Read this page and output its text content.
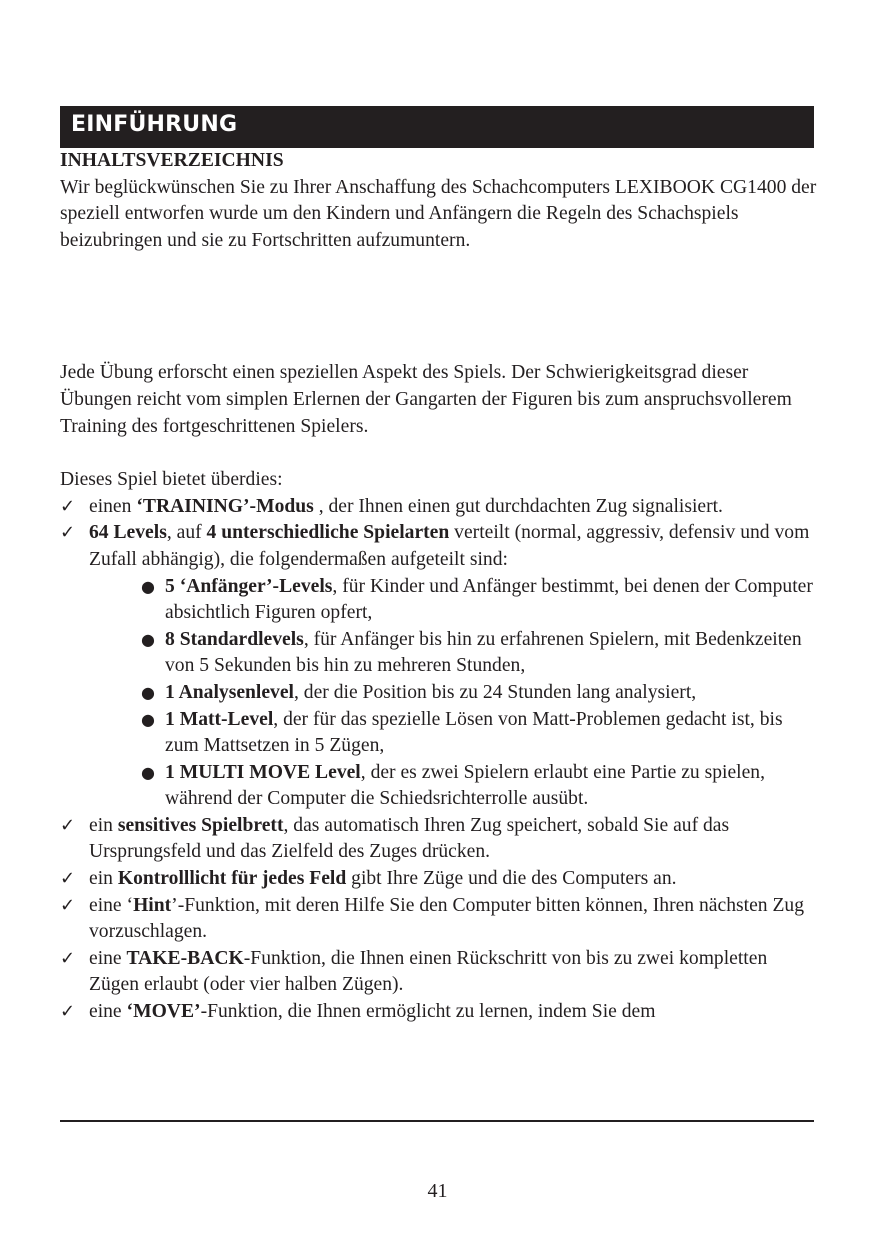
EINFÜHRUNG

INHALTSVERZEICHNIS

Wir beglückwünschen Sie zu Ihrer Anschaffung des Schachcomputers LEXIBOOK CG1400 der speziell entworfen wurde um den Kindern und Anfängern die Regeln des Schachspiels beizubringen und sie zu Fortschritten aufzumuntern.

Jede Übung erforscht einen speziellen Aspekt des Spiels. Der Schwierigkeitsgrad dieser Übungen reicht vom simplen Erlernen der Gangarten der Figuren bis zum anspruchsvollerem Training des fortgeschrittenen Spielers.

Dieses Spiel bietet überdies:

✓ einen ‘TRAINING’-Modus , der Ihnen einen gut durchdachten Zug signalisiert.
✓ 64 Levels, auf 4 unterschiedliche Spielarten verteilt (normal, aggressiv, defensiv und vom Zufall abhängig), die folgendermaßen aufgeteilt sind:
● 5 ‘Anfänger’-Levels, für Kinder und Anfänger bestimmt, bei denen der Computer absichtlich Figuren opfert,
● 8 Standardlevels, für Anfänger bis hin zu erfahrenen Spielern, mit Bedenkzeiten von 5 Sekunden bis hin zu mehreren Stunden,
● 1 Analysenlevel, der die Position bis zu 24 Stunden lang analysiert,
● 1 Matt-Level, der für das spezielle Lösen von Matt-Problemen gedacht ist, bis zum Mattsetzen in 5 Zügen,
● 1 MULTI MOVE Level, der es zwei Spielern erlaubt eine Partie zu spielen, während der Computer die Schiedsrichterrolle ausübt.
✓ ein sensitives Spielbrett, das automatisch Ihren Zug speichert, sobald Sie auf das Ursprungsfeld und das Zielfeld des Zuges drücken.
✓ ein Kontrolllicht für jedes Feld gibt Ihre Züge und die des Computers an.
✓ eine ‘Hint’-Funktion, mit deren Hilfe Sie den Computer bitten können, Ihren nächsten Zug vorzuschlagen.
✓ eine TAKE-BACK-Funktion, die Ihnen einen Rückschritt von bis zu zwei kompletten Zügen erlaubt (oder vier halben Zügen).
✓ eine ‘MOVE’-Funktion, die Ihnen ermöglicht zu lernen, indem Sie dem
41
